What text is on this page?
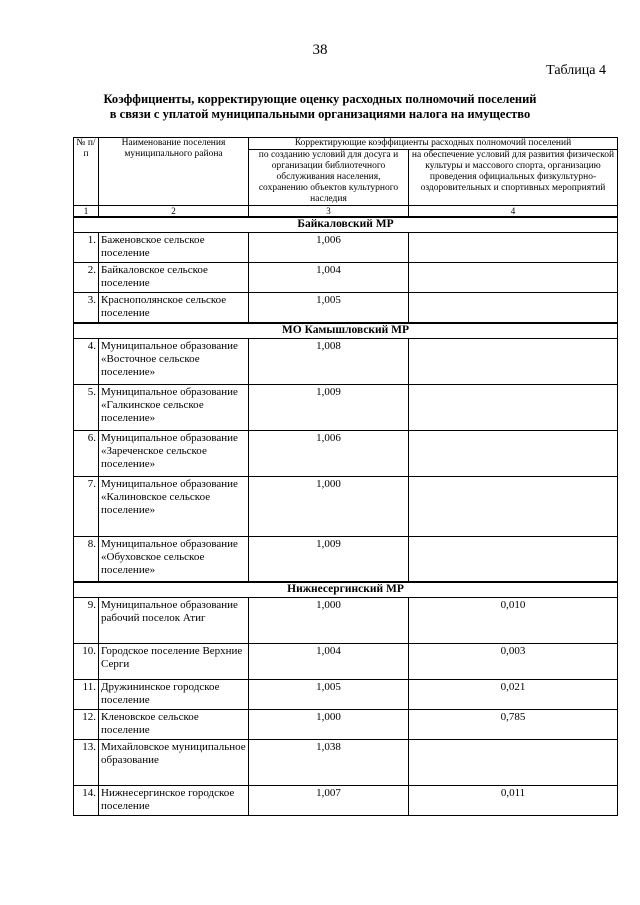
38
Таблица 4
Коэффициенты, корректирующие оценку расходных полномочий поселений
в связи с уплатой муниципальными организациями налога на имущество
№ п/п	Наименование поселения муниципального района	Корректирующие коэффициенты расходных полномочий поселений	
		по созданию условий для досуга и организации библиотечного обслуживания населения, сохранению объектов культурного наследия	на обеспечение условий для развития физической культуры и массового спорта, организацию проведения официальных физкультурно-оздоровительных и спортивных мероприятий
1	2	3	4
Байкаловский МР			
1.	Баженовское сельское поселение	1,006	
2.	Байкаловское сельское поселение	1,004	
3.	Краснополянское сельское поселение	1,005	
МО Камышловский МР			
4.	Муниципальное образование «Восточное сельское поселение»	1,008	
5.	Муниципальное образование «Галкинское сельское поселение»	1,009	
6.	Муниципальное образование «Зареченское сельское поселение»	1,006	
7.	Муниципальное образование «Калиновское сельское поселение»	1,000	
8.	Муниципальное образование «Обуховское сельское поселение»	1,009	
Нижнесергинский МР			
9.	Муниципальное образование рабочий поселок Атиг	1,000	0,010
10.	Городское поселение Верхние Серги	1,004	0,003
11.	Дружининское городское поселение	1,005	0,021
12.	Кленовское сельское поселение	1,000	0,785
13.	Михайловское муниципальное образование	1,038	
14.	Нижнесергинское городское поселение	1,007	0,011
